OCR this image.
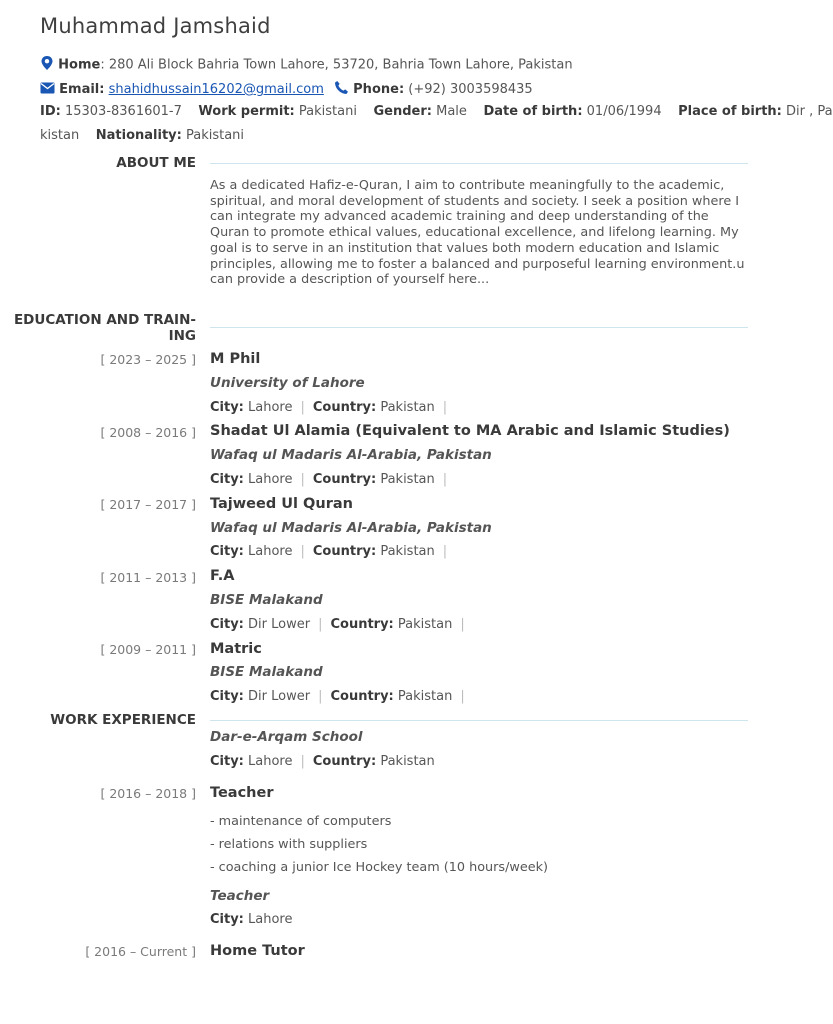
Muhammad Jamshaid
Home: 280 Ali Block Bahria Town Lahore, 53720, Bahria Town Lahore, Pakistan
Email: shahidhussain16202@gmail.com Phone: (+92) 3003598435
ID: 15303-8361601-7 Work permit: Pakistani Gender: Male Date of birth: 01/06/1994 Place of birth: Dir , Pa
kistan Nationality: Pakistani
ABOUT ME
As a dedicated Hafiz-e-Quran, I aim to contribute meaningfully to the academic, spiritual, and moral development of students and society. I seek a position where I can integrate my advanced academic training and deep understanding of the Quran to promote ethical values, educational excellence, and lifelong learning. My goal is to serve in an institution that values both modern education and Islamic principles, allowing me to foster a balanced and purposeful learning environment.u can provide a description of yourself here...
EDUCATION AND TRAIN-
ING
[ 2023 – 2025 ] M Phil
University of Lahore
City: Lahore | Country: Pakistan |
[ 2008 – 2016 ] Shadat Ul Alamia (Equivalent to MA Arabic and Islamic Studies)
Wafaq ul Madaris Al-Arabia, Pakistan
City: Lahore | Country: Pakistan |
[ 2017 – 2017 ] Tajweed Ul Quran
Wafaq ul Madaris Al-Arabia, Pakistan
City: Lahore | Country: Pakistan |
[ 2011 – 2013 ] F.A
BISE Malakand
City: Dir Lower | Country: Pakistan |
[ 2009 – 2011 ] Matric
BISE Malakand
City: Dir Lower | Country: Pakistan |
WORK EXPERIENCE
Dar-e-Arqam School
City: Lahore | Country: Pakistan
[ 2016 – 2018 ] Teacher
- maintenance of computers
- relations with suppliers
- coaching a junior Ice Hockey team (10 hours/week)
Teacher
City: Lahore
[ 2016 – Current ] Home Tutor
